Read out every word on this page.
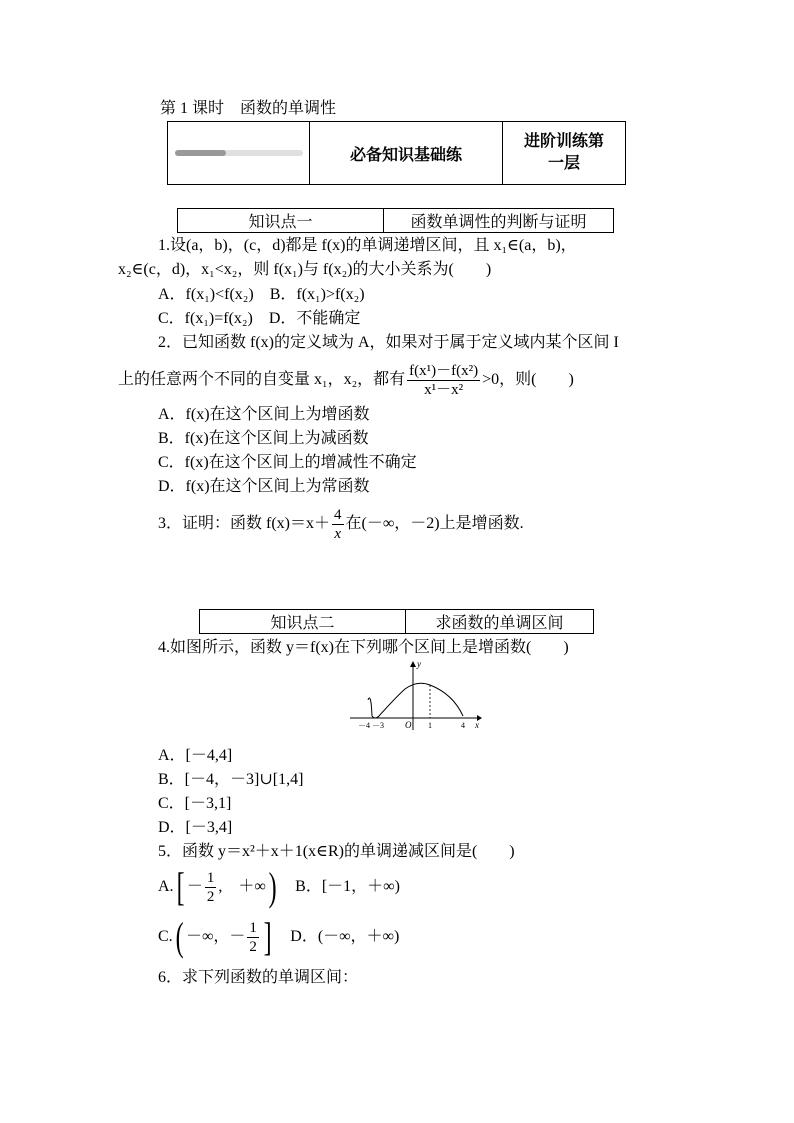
第 1 课时　函数的单调性
必备知识基础练
进阶训练第
一层
知识点一	函数单调性的判断与证明
1.设(a，b)，(c，d)都是 f(x)的单调递增区间，且 x₁∈(a，b)，
x₂∈(c，d)，x₁<x₂，则 f(x₁)与 f(x₂)的大小关系为(　　)
A．f(x₁)<f(x₂)　B．f(x₁)>f(x₂)
C．f(x₁)=f(x₂)　D．不能确定
2．已知函数 f(x)的定义域为 A，如果对于属于定义域内某个区间 I
上的任意两个不同的自变量 x₁，x₂，都有 $\frac{\text{f(x¹)－f(x²)}}{\text{x¹－x²}} >0$，则(　　)
A．f(x)在这个区间上为增函数
B．f(x)在这个区间上为减函数
C．f(x)在这个区间上的增减性不确定
D．f(x)在这个区间上为常函数
3．证明：函数 $f(x)=x+ \frac{4}{x}$ 在(－∞，－2)上是增函数.
知识点二	求函数的单调区间
4.如图所示，函数 y＝f(x)在下列哪个区间上是增函数(　　)
y
x
O
－4 －3	1	4
A．[－4,4]
B．[－4，－3]∪[1,4]
C．[－3,1]
D．[－3,4]
5．函数 y＝x²＋x＋1(x∈R)的单调递减区间是(　　)
$A.[ - \frac{1}{2}$ ,　＋∞)　 B．[－1，＋∞)
C.( －∞，－ $\frac{1}{2}$ ]　 D．(－∞，＋∞)
6．求下列函数的单调区间：
